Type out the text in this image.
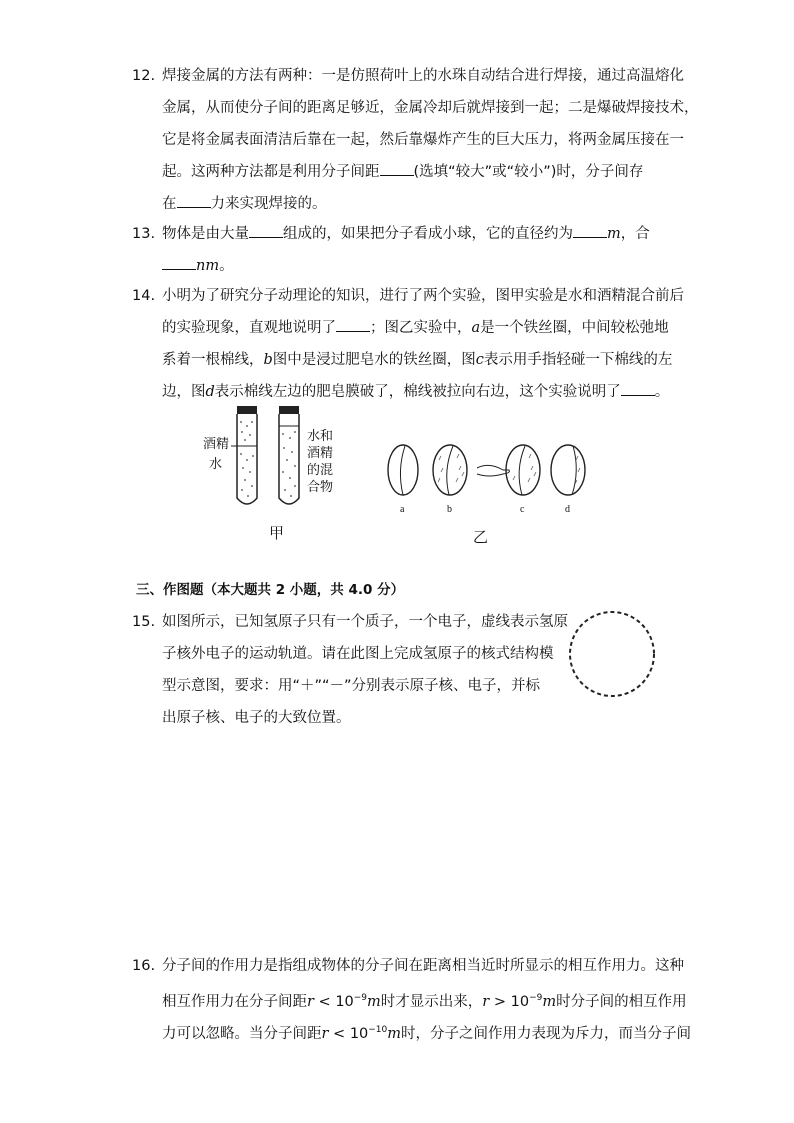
12. 焊接金属的方法有两种：一是仿照荷叶上的水珠自动结合进行焊接，通过高温熔化
金属，从而使分子间的距离足够近，金属冷却后就焊接到一起；二是爆破焊接技术，
它是将金属表面清洁后靠在一起，然后靠爆炸产生的巨大压力，将两金属压接在一
起。这两种方法都是利用分子间距 (选填“较大”或“较小”)时，分子间存
在 力来实现焊接的。
13. 物体是由大量 组成的，如果把分子看成小球，它的直径约为 m，合
nm。
14. 小明为了研究分子动理论的知识，进行了两个实验，图甲实验是水和酒精混合前后
的实验现象，直观地说明了 ；图乙实验中，a是一个铁丝圈，中间较松弛地
系着一根棉线，b图中是浸过肥皂水的铁丝圈，图c表示用手指轻碰一下棉线的左
边，图d表示棉线左边的肥皂膜破了，棉线被拉向右边，这个实验说明了 。
酒精
水
水和
酒精
的混
合物
甲
a	b	c	d
乙
三、作图题（本大题共 2 小题，共 4.0 分）
15. 如图所示，已知氢原子只有一个质子，一个电子，虚线表示氢原
子核外电子的运动轨道。请在此图上完成氢原子的核式结构模
型示意图，要求：用“＋”“－”分别表示原子核、电子，并标
出原子核、电子的大致位置。
16. 分子间的作用力是指组成物体的分子间在距离相当近时所显示的相互作用力。这种
相互作用力在分子间距$r < 10^{-9}m$时才显示出来，$r > 10^{-9}m$时分子间的相互作用
力可以忽略。当分子间距$r < 10^{-10}m$时，分子之间作用力表现为斥力，而当分子间
